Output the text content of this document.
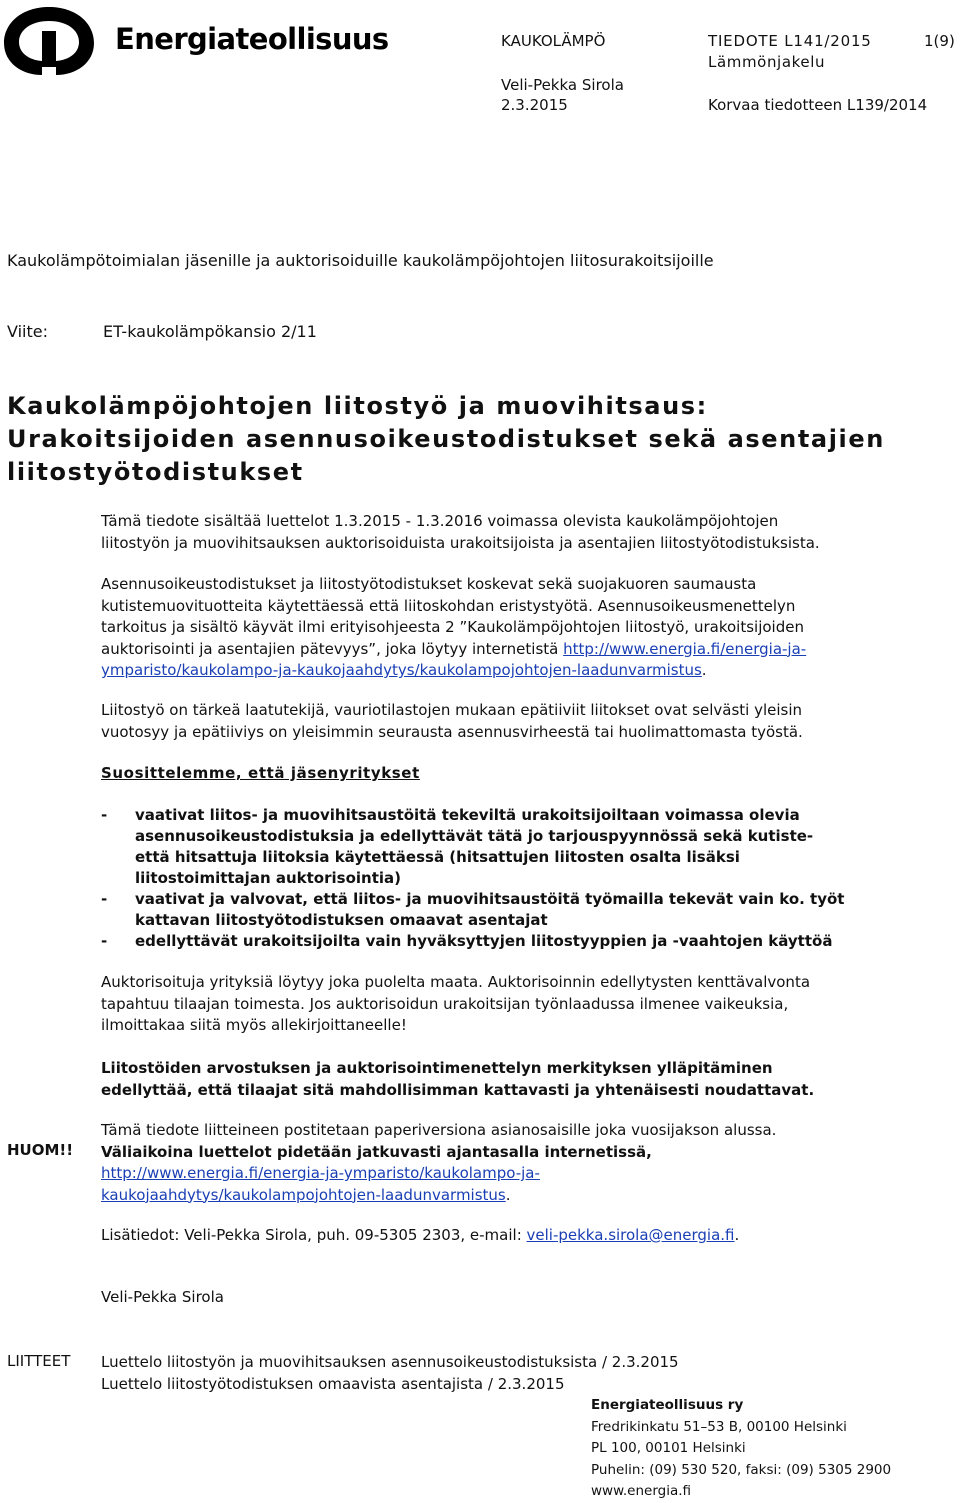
Energiateollisuus	KAUKOLÄMPÖ	TIEDOTE L141/2015	1(9)
Lämmönjakelu
Veli-Pekka Sirola
2.3.2015	Korvaa tiedotteen L139/2014
Kaukolämpötoimialan jäsenille ja auktorisoiduille kaukolämpöjohtojen liitosurakoitsijoille
Viite:	ET-kaukolämpökansio 2/11
Kaukolämpöjohtojen liitostyö ja muovihitsaus:
Urakoitsijoiden asennusoikeustodistukset sekä asentajien
liitostyötodistukset
Tämä tiedote sisältää luettelot 1.3.2015 - 1.3.2016 voimassa olevista kaukolämpöjohtojen
liitostyön ja muovihitsauksen auktorisoiduista urakoitsijoista ja asentajien liitostyötodistuksista.
Asennusoikeustodistukset ja liitostyötodistukset koskevat sekä suojakuoren saumausta
kutistemuovituotteita käytettäessä että liitoskohdan eristystyötä. Asennusoikeusmenettelyn
tarkoitus ja sisältö käyvät ilmi erityisohjeesta 2 ”Kaukolämpöjohtojen liitostyö, urakoitsijoiden
auktorisointi ja asentajien pätevyys”, joka löytyy internetistä http://www.energia.fi/energia-ja-
ymparisto/kaukolampo-ja-kaukojaahdytys/kaukolampojohtojen-laadunvarmistus.
Liitostyö on tärkeä laatutekijä, vauriotilastojen mukaan epätiiviit liitokset ovat selvästi yleisin
vuotosyy ja epätiiviys on yleisimmin seurausta asennusvirheestä tai huolimattomasta työstä.
Suosittelemme, että jäsenyritykset
- vaativat liitos- ja muovihitsaustöitä tekeviltä urakoitsijoiltaan voimassa olevia
asennusoikeustodistuksia ja edellyttävät tätä jo tarjouspyynnössä sekä kutiste-
että hitsattuja liitoksia käytettäessä (hitsattujen liitosten osalta lisäksi
liitostoimittajan auktorisointia)
- vaativat ja valvovat, että liitos- ja muovihitsaustöitä työmailla tekevät vain ko. työt
kattavan liitostyötodistuksen omaavat asentajat
- edellyttävät urakoitsijoilta vain hyväksyttyjen liitostyyppien ja -vaahtojen käyttöä
Auktorisoituja yrityksiä löytyy joka puolelta maata. Auktorisoinnin edellytysten kenttävalvonta
tapahtuu tilaajan toimesta. Jos auktorisoidun urakoitsijan työnlaadussa ilmenee vaikeuksia,
ilmoittakaa siitä myös allekirjoittaneelle!
Liitostöiden arvostuksen ja auktorisointimenettelyn merkityksen ylläpitäminen
edellyttää, että tilaajat sitä mahdollisimman kattavasti ja yhtenäisesti noudattavat.
HUOM!!
Tämä tiedote liitteineen postitetaan paperiversiona asianosaisille joka vuosijakson alussa.
Väliaikoina luettelot pidetään jatkuvasti ajantasalla internetissä,
http://www.energia.fi/energia-ja-ymparisto/kaukolampo-ja-
kaukojaahdytys/kaukolampojohtojen-laadunvarmistus.
Lisätiedot: Veli-Pekka Sirola, puh. 09-5305 2303, e-mail: veli-pekka.sirola@energia.fi.
Veli-Pekka Sirola
LIITTEET Luettelo liitostyön ja muovihitsauksen asennusoikeustodistuksista / 2.3.2015
Luettelo liitostyötodistuksen omaavista asentajista / 2.3.2015
Energiateollisuus ry
Fredrikinkatu 51–53 B, 00100 Helsinki
PL 100, 00101 Helsinki
Puhelin: (09) 530 520, faksi: (09) 5305 2900
www.energia.fi
